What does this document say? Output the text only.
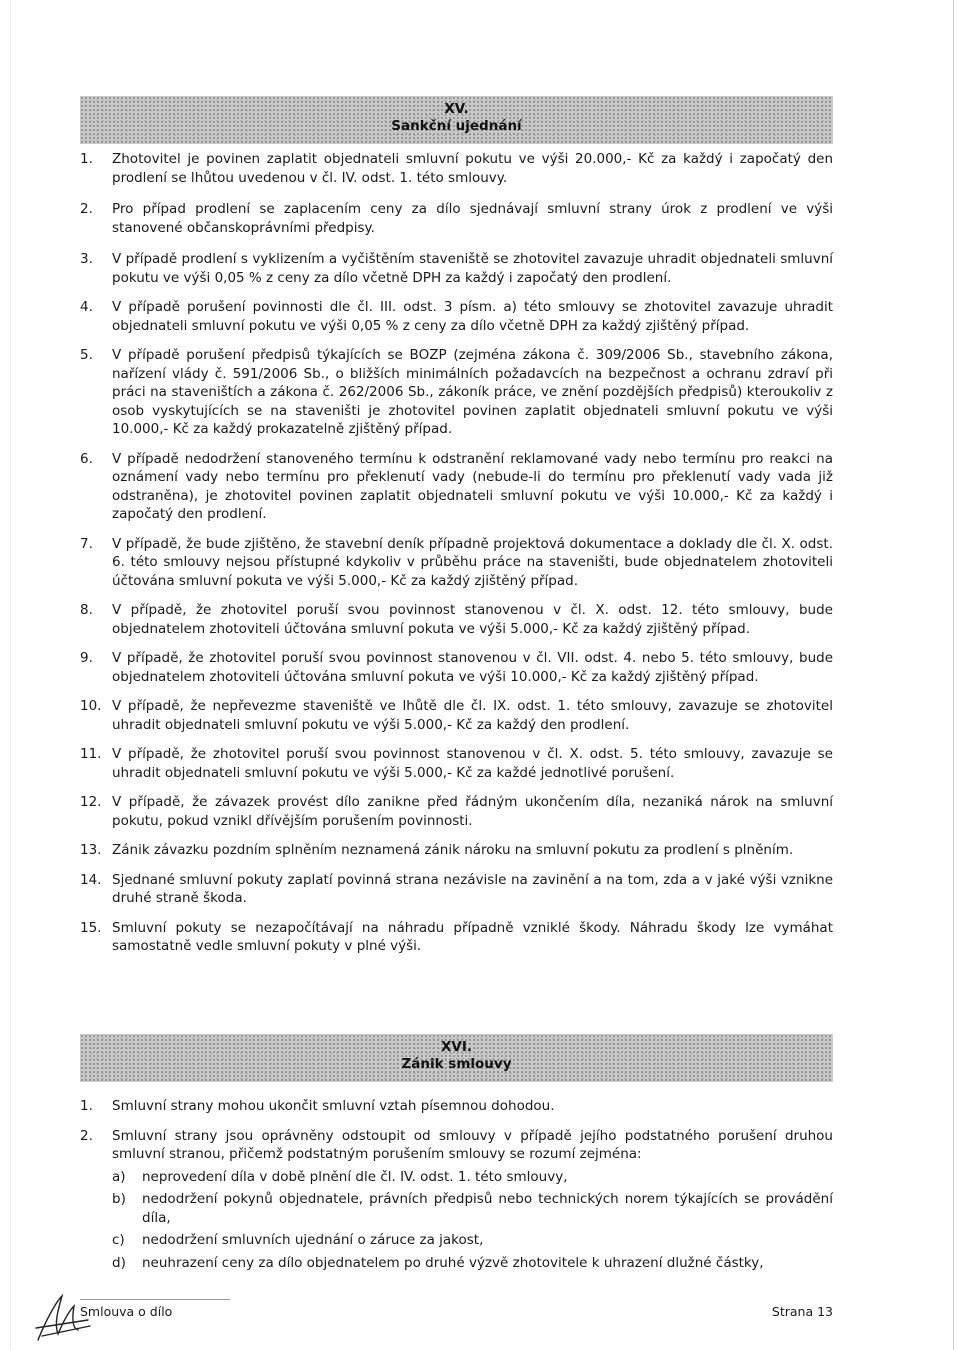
XV.
Sankční ujednání
1.	Zhotovitel je povinen zaplatit objednateli smluvní pokutu ve výši 20.000,- Kč za každý i započatý den prodlení se lhůtou uvedenou v čl. IV. odst. 1. této smlouvy.
2.	Pro případ prodlení se zaplacením ceny za dílo sjednávají smluvní strany úrok z prodlení ve výši stanovené občanskoprávními předpisy.
3.	V případě prodlení s vyklizením a vyčištěním staveniště se zhotovitel zavazuje uhradit objednateli smluvní pokutu ve výši 0,05 % z ceny za dílo včetně DPH za každý i započatý den prodlení.
4.	V případě porušení povinnosti dle čl. III. odst. 3 písm. a) této smlouvy se zhotovitel zavazuje uhradit objednateli smluvní pokutu ve výši 0,05 % z ceny za dílo včetně DPH za každý zjištěný případ.
5.	V případě porušení předpisů týkajících se BOZP (zejména zákona č. 309/2006 Sb., stavebního zákona, nařízení vlády č. 591/2006 Sb., o bližších minimálních požadavcích na bezpečnost a ochranu zdraví při práci na staveništích a zákona č. 262/2006 Sb., zákoník práce, ve znění pozdějších předpisů) kteroukoliv z osob vyskytujících se na staveništi je zhotovitel povinen zaplatit objednateli smluvní pokutu ve výši 10.000,- Kč za každý prokazatelně zjištěný případ.
6.	V případě nedodržení stanoveného termínu k odstranění reklamované vady nebo termínu pro reakci na oznámení vady nebo termínu pro překlenutí vady (nebude-li do termínu pro překlenutí vady vada již odstraněna), je zhotovitel povinen zaplatit objednateli smluvní pokutu ve výši 10.000,- Kč za každý i započatý den prodlení.
7.	V případě, že bude zjištěno, že stavební deník případně projektová dokumentace a doklady dle čl. X. odst. 6. této smlouvy nejsou přístupné kdykoliv v průběhu práce na staveništi, bude objednatelem zhotoviteli účtována smluvní pokuta ve výši 5.000,- Kč za každý zjištěný případ.
8.	V případě, že zhotovitel poruší svou povinnost stanovenou v čl. X. odst. 12. této smlouvy, bude objednatelem zhotoviteli účtována smluvní pokuta ve výši 5.000,- Kč za každý zjištěný případ.
9.	V případě, že zhotovitel poruší svou povinnost stanovenou v čl. VII. odst. 4. nebo 5. této smlouvy, bude objednatelem zhotoviteli účtována smluvní pokuta ve výši 10.000,- Kč za každý zjištěný případ.
10. V případě, že nepřevezme staveniště ve lhůtě dle čl. IX. odst. 1. této smlouvy, zavazuje se zhotovitel uhradit objednateli smluvní pokutu ve výši 5.000,- Kč za každý den prodlení.
11. V případě, že zhotovitel poruší svou povinnost stanovenou v čl. X. odst. 5. této smlouvy, zavazuje se uhradit objednateli smluvní pokutu ve výši 5.000,- Kč za každé jednotlivé porušení.
12. V případě, že závazek provést dílo zanikne před řádným ukončením díla, nezaniká nárok na smluvní pokutu, pokud vznikl dřívějším porušením povinnosti.
13. Zánik závazku pozdním splněním neznamená zánik nároku na smluvní pokutu za prodlení s plněním.
14. Sjednané smluvní pokuty zaplatí povinná strana nezávisle na zavinění a na tom, zda a v jaké výši vznikne druhé straně škoda.
15. Smluvní pokuty se nezapočítávají na náhradu případně vzniklé škody. Náhradu škody lze vymáhat samostatně vedle smluvní pokuty v plné výši.
XVI.
Zánik smlouvy
1.	Smluvní strany mohou ukončit smluvní vztah písemnou dohodou.
2.	Smluvní strany jsou oprávněny odstoupit od smlouvy v případě jejího podstatného porušení druhou smluvní stranou, přičemž podstatným porušením smlouvy se rozumí zejména:
a) neprovedení díla v době plnění dle čl. IV. odst. 1. této smlouvy,
b) nedodržení pokynů objednatele, právních předpisů nebo technických norem týkajících se provádění díla,
c) nedodržení smluvních ujednání o záruce za jakost,
d) neuhrazení ceny za dílo objednatelem po druhé výzvě zhotovitele k uhrazení dlužné částky,
Smlouva o dílo	Strana 13
